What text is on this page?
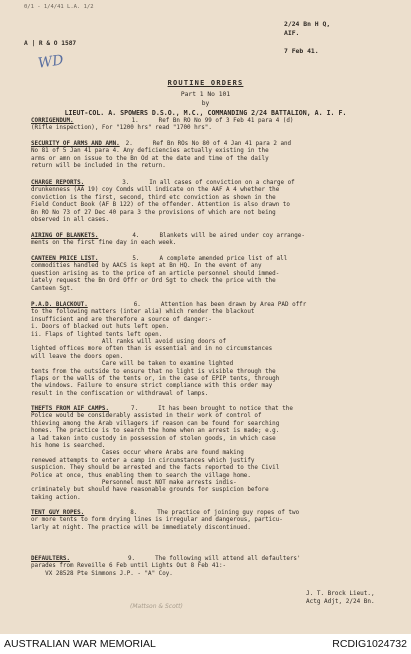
0/1 - 1/4/41 L.A. 1/2
A | R & O 1587
WD
2/24 Bn H Q,
AIF.
7 Feb 41.
ROUTINE ORDERS
Part 1 No 101
by
LIEUT-COL. A. SPOWERS D.S.O., M.C., COMMANDING 2/24 BATTALION, A. I. F.
CORRIGENDUM.	1.	Ref Bn RO No 99 of 3 Feb 41 para 4 (d)
(Rifle inspection), For "1200 hrs" read "1700 hrs".
SECURITY OF ARMS AND AMN. 2.	Ref Bn ROs No 80 of 4 Jan 41 para 2 and
No 81 of 5 Jan 41 para 4. Any deficiencies actually existing in the
arms or amn on issue to the Bn Od at the date and time of the daily
return will be included in the return.
CHARGE REPORTS.	3.	In all cases of conviction on a charge of
drunkenness (AA 19) coy Comds will indicate on the AAF A 4 whether the
conviction is the first, second, third etc conviction as shown in the
Field Conduct Book (AF B 122) of the offender. Attention is also drawn to
Bn RO No 73 of 27 Dec 40 para 3 the provisions of which are not being
observed in all cases.
AIRING OF BLANKETS.	4.	Blankets will be aired under coy arrange-
ments on the first fine day in each week.
CANTEEN PRICE LIST.	5.	A complete amended price list of all
commodities handled by AACS is kept at Bn HQ. In the event of any
question arising as to the price of an article personnel should immed-
iately request the Bn Ord Offr or Ord Sgt to check the price with the
Canteen Sgt.
P.A.D. BLACKOUT.	6.	Attention has been drawn by Area PAD offr
to the following matters (inter alia) which render the blackout
insufficient and are therefore a source of danger:-
i. Doors of blacked out huts left open.
ii. Flaps of lighted tents left open.
All ranks will avoid using doors of
lighted offices more often than is essential and in no circumstances
will leave the doors open.
Care will be taken to examine lighted
tents from the outside to ensure that no light is visible through the
flaps or the walls of the tents or, in the case of EPIP tents, through
the windows. Failure to ensure strict compliance with this order may
result in the confiscation or withdrawal of lamps.
THEFTS FROM AIF CAMPS.	7.	It has been brought to notice that the
Police would be considerably assisted in their work of control of
thieving among the Arab villagers if reason can be found for searching
homes. The practice is to search the home when an arrest is made; e.g.
a lad taken into custody in possession of stolen goods, in which case
his home is searched.
Cases occur where Arabs are found making
renewed attempts to enter a camp in circumstances which justify
suspicion. They should be arrested and the facts reported to the Civil
Police at once, thus enabling them to search the village home.
Personnel must NOT make arrests indis-
criminately but should have reasonable grounds for suspicion before
taking action.
TENT GUY ROPES.	8.	The practice of joining guy ropes of two
or more tents to form drying lines is irregular and dangerous, particu-
larly at night. The practice will be immediately discontinued.
DEFAULTERS.	9.	The following will attend all defaulters'
parades from Reveille 6 Feb until Lights Out 8 Feb 41:-
VX 28528 Pte Simmons J.P. - "A" Coy.
J. T. Brock Lieut.,
Actg Adjt, 2/24 Bn.
(Mattson & Scott)
AUSTRALIAN WAR MEMORIAL	RCDIG1024732
